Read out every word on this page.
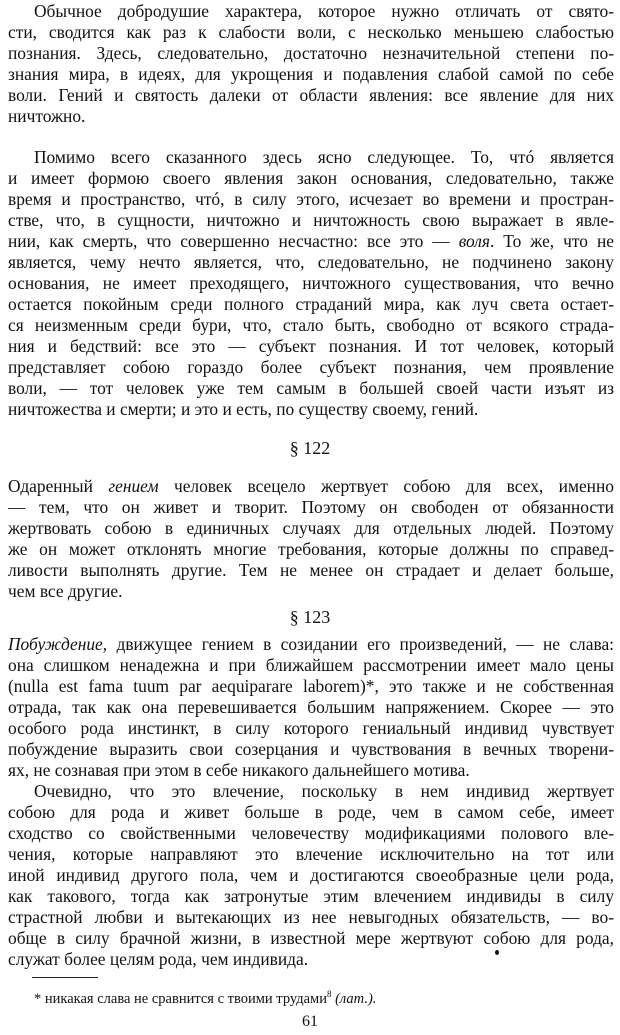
Обычное добродушие характера, которое нужно отличать от свято-
сти, сводится как раз к слабости воли, с несколько меньшею слабостью
познания. Здесь, следовательно, достаточно незначительной степени по-
знания мира, в идеях, для укрощения и подавления слабой самой по себе
воли. Гений и святость далеки от области явления: все явление для них
ничтожно.
Помимо всего сказанного здесь ясно следующее. То, чтó является
и имеет формою своего явления закон основания, следовательно, также
время и пространство, чтó, в силу этого, исчезает во времени и простран-
стве, что, в сущности, ничтожно и ничтожность свою выражает в явле-
нии, как смерть, что совершенно несчастно: все это — воля. То же, что не
является, чему нечто является, что, следовательно, не подчинено закону
основания, не имеет преходящего, ничтожного существования, что вечно
остается покойным среди полного страданий мира, как луч света остает-
ся неизменным среди бури, что, стало быть, свободно от всякого страда-
ния и бедствий: все это — субъект познания. И тот человек, который
представляет собою гораздо более субъект познания, чем проявление
воли, — тот человек уже тем самым в большей своей части изъят из
ничтожества и смерти; и это и есть, по существу своему, гений.
§ 122
Одаренный гением человек всецело жертвует собою для всех, именно
— тем, что он живет и творит. Поэтому он свободен от обязанности
жертвовать собою в единичных случаях для отдельных людей. Поэтому
же он может отклонять многие требования, которые должны по справед-
ливости выполнять другие. Тем не менее он страдает и делает больше,
чем все другие.
§ 123
Побуждение, движущее гением в созидании его произведений, — не слава:
она слишком ненадежна и при ближайшем рассмотрении имеет мало цены
(nulla est fama tuum par aequiparare laborem)*, это также и не собственная
отрада, так как она перевешивается большим напряжением. Скорее — это
особого рода инстинкт, в силу которого гениальный индивид чувствует
побуждение выразить свои созерцания и чувствования в вечных творени-
ях, не сознавая при этом в себе никакого дальнейшего мотива.
Очевидно, что это влечение, поскольку в нем индивид жертвует
собою для рода и живет больше в роде, чем в самом себе, имеет
сходство со свойственными человечеству модификациями полового вле-
чения, которые направляют это влечение исключительно на тот или
иной индивид другого пола, чем и достигаются своеобразные цели рода,
как такового, тогда как затронутые этим влечением индивиды в силу
страстной любви и вытекающих из нее невыгодных обязательств, — во-
обще в силу брачной жизни, в известной мере жертвуют собою для рода,
служат более целям рода, чем индивида.
* никакая слава не сравнится с твоими трудами$^8$ (лат.).
61
